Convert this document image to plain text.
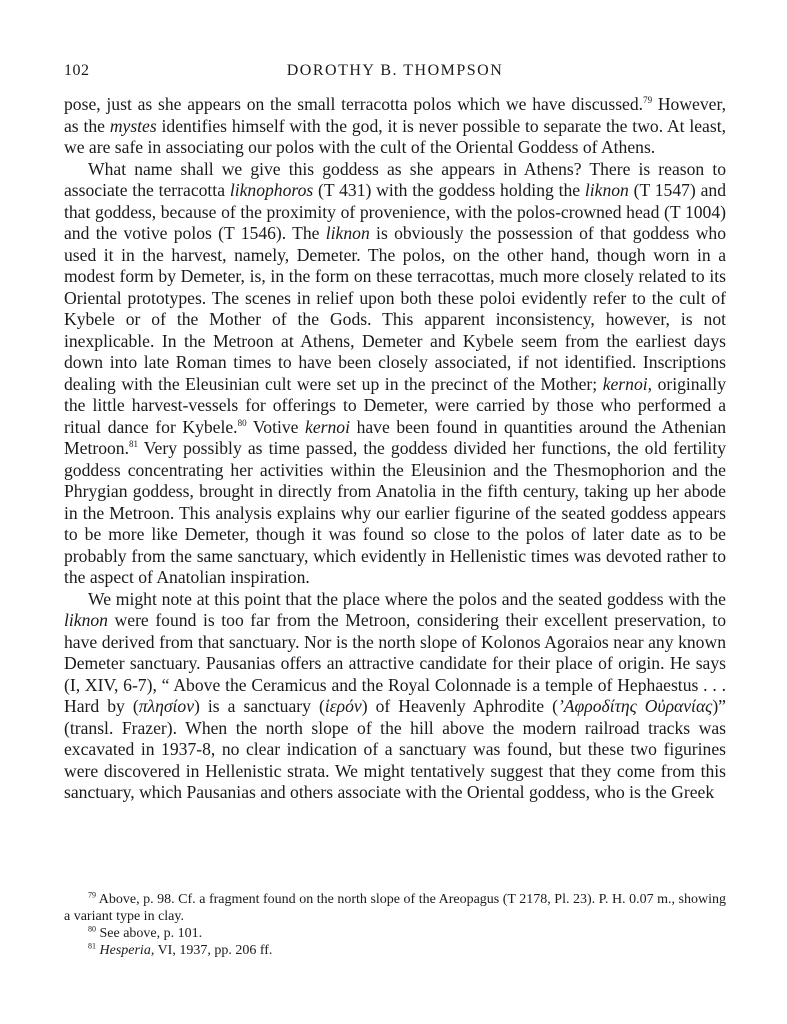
102	DOROTHY B. THOMPSON

pose, just as she appears on the small terracotta polos which we have discussed.$^{79}$ However, as the mystes identifies himself with the god, it is never possible to separate the two. At least, we are safe in associating our polos with the cult of the Oriental Goddess of Athens.

What name shall we give this goddess as she appears in Athens? There is reason to associate the terracotta liknophoros (T 431) with the goddess holding the liknon (T 1547) and that goddess, because of the proximity of provenience, with the polos-crowned head (T 1004) and the votive polos (T 1546). The liknon is obviously the possession of that goddess who used it in the harvest, namely, Demeter. The polos, on the other hand, though worn in a modest form by Demeter, is, in the form on these terracottas, much more closely related to its Oriental prototypes. The scenes in relief upon both these poloi evidently refer to the cult of Kybele or of the Mother of the Gods. This apparent inconsistency, however, is not inexplicable. In the Metroon at Athens, Demeter and Kybele seem from the earliest days down into late Roman times to have been closely associated, if not identified. Inscriptions dealing with the Eleusinian cult were set up in the precinct of the Mother; kernoi, originally the little harvest-vessels for offerings to Demeter, were carried by those who performed a ritual dance for Kybele.$^{80}$ Votive kernoi have been found in quantities around the Athenian Metroon.$^{81}$ Very possibly as time passed, the goddess divided her functions, the old fertility goddess concentrating her activities within the Eleusinion and the Thesmophorion and the Phrygian goddess, brought in directly from Anatolia in the fifth century, taking up her abode in the Metroon. This analysis explains why our earlier figurine of the seated goddess appears to be more like Demeter, though it was found so close to the polos of later date as to be probably from the same sanctuary, which evidently in Hellenistic times was devoted rather to the aspect of Anatolian inspiration.

We might note at this point that the place where the polos and the seated goddess with the liknon were found is too far from the Metroon, considering their excellent preservation, to have derived from that sanctuary. Nor is the north slope of Kolonos Agoraios near any known Demeter sanctuary. Pausanias offers an attractive candidate for their place of origin. He says (I, XIV, 6-7), “ Above the Ceramicus and the Royal Colonnade is a temple of Hephaestus . . . Hard by (πλησίον) is a sanctuary (ἱερόν) of Heavenly Aphrodite (’Αφροδίτης Οὐρανίας)” (transl. Frazer). When the north slope of the hill above the modern railroad tracks was excavated in 1937-8, no clear indication of a sanctuary was found, but these two figurines were discovered in Hellenistic strata. We might tentatively suggest that they come from this sanctuary, which Pausanias and others associate with the Oriental goddess, who is the Greek

$^{79}$ Above, p. 98. Cf. a fragment found on the north slope of the Areopagus (T 2178, Pl. 23). P. H. 0.07 m., showing a variant type in clay.

$^{80}$ See above, p. 101.

$^{81}$ Hesperia, VI, 1937, pp. 206 ff.
